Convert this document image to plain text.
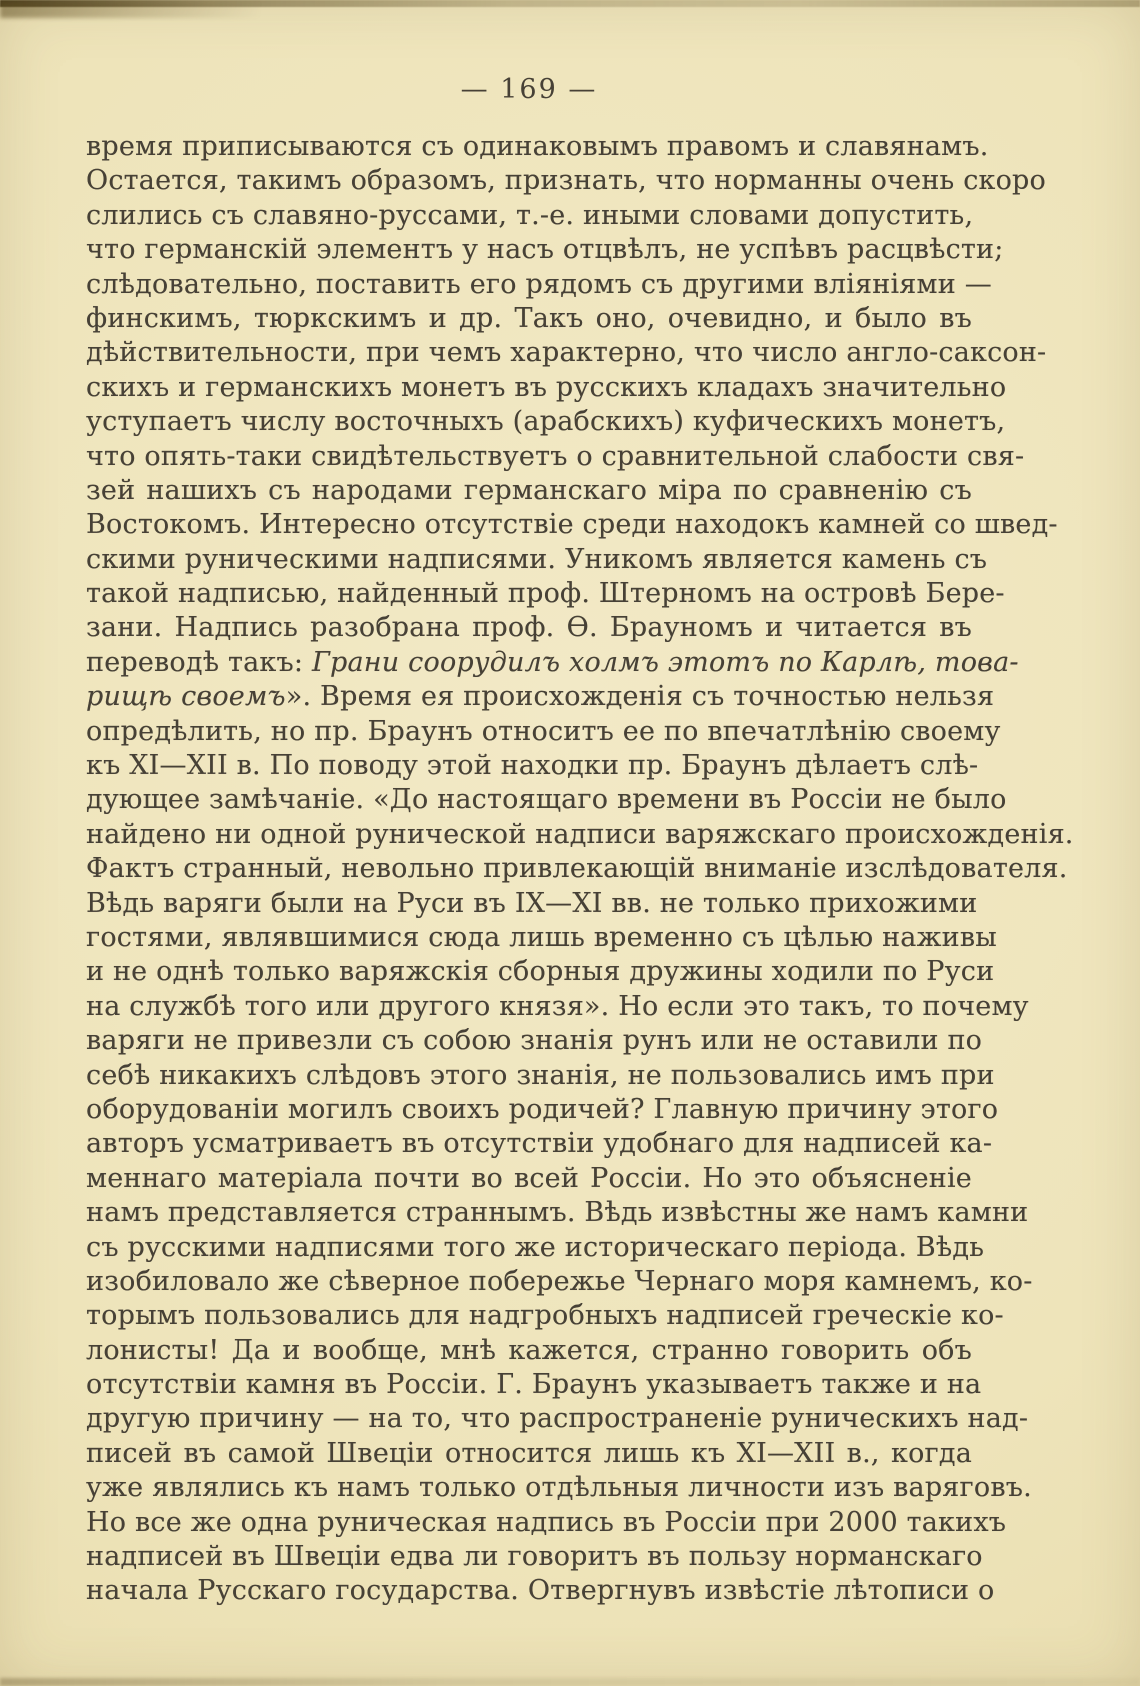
— 169 —
время приписываются съ одинаковымъ правомъ и славянамъ.
Остается, такимъ образомъ, признать, что норманны очень скоро
слились съ славяно-руссами, т.-е. иными словами допустить,
что германскій элементъ у насъ отцвѣлъ, не успѣвъ расцвѣсти;
слѣдовательно, поставить его рядомъ съ другими вліяніями —
финскимъ, тюркскимъ и др. Такъ оно, очевидно, и было въ
дѣйствительности, при чемъ характерно, что число англо-саксон-
скихъ и германскихъ монетъ въ русскихъ кладахъ значительно
уступаетъ числу восточныхъ (арабскихъ) куфическихъ монетъ,
что опять-таки свидѣтельствуетъ о сравнительной слабости свя-
зей нашихъ съ народами германскаго міра по сравненію съ
Востокомъ. Интересно отсутствіе среди находокъ камней со швед-
скими руническими надписями. Уникомъ является камень съ
такой надписью, найденный проф. Штерномъ на островѣ Бере-
зани. Надпись разобрана проф. Ѳ. Брауномъ и читается въ
переводѣ такъ: Грани соорудилъ холмъ этотъ по Карлѣ, това-
рищѣ своемъ». Время ея происхожденія съ точностью нельзя
опредѣлить, но пр. Браунъ относитъ ее по впечатлѣнію своему
къ XI—XII в. По поводу этой находки пр. Браунъ дѣлаетъ слѣ-
дующее замѣчаніе. «До настоящаго времени въ Россіи не было
найдено ни одной рунической надписи варяжскаго происхожденія.
Фактъ странный, невольно привлекающій вниманіе изслѣдователя.
Вѣдь варяги были на Руси въ IX—XI вв. не только прихожими
гостями, являвшимися сюда лишь временно съ цѣлью наживы
и не однѣ только варяжскія сборныя дружины ходили по Руси
на службѣ того или другого князя». Но если это такъ, то почему
варяги не привезли съ собою знанія рунъ или не оставили по
себѣ никакихъ слѣдовъ этого знанія, не пользовались имъ при
оборудованіи могилъ своихъ родичей? Главную причину этого
авторъ усматриваетъ въ отсутствіи удобнаго для надписей ка-
меннаго матеріала почти во всей Россіи. Но это объясненіе
намъ представляется страннымъ. Вѣдь извѣстны же намъ камни
съ русскими надписями того же историческаго періода. Вѣдь
изобиловало же сѣверное побережье Чернаго моря камнемъ, ко-
торымъ пользовались для надгробныхъ надписей греческіе ко-
лонисты! Да и вообще, мнѣ кажется, странно говорить объ
отсутствіи камня въ Россіи. Г. Браунъ указываетъ также и на
другую причину — на то, что распространеніе руническихъ над-
писей въ самой Швеціи относится лишь къ XI—XII в., когда
уже являлись къ намъ только отдѣльныя личности изъ варяговъ.
Но все же одна руническая надпись въ Россіи при 2000 такихъ
надписей въ Швеціи едва ли говоритъ въ пользу норманскаго
начала Русскаго государства. Отвергнувъ извѣстіе лѣтописи о
